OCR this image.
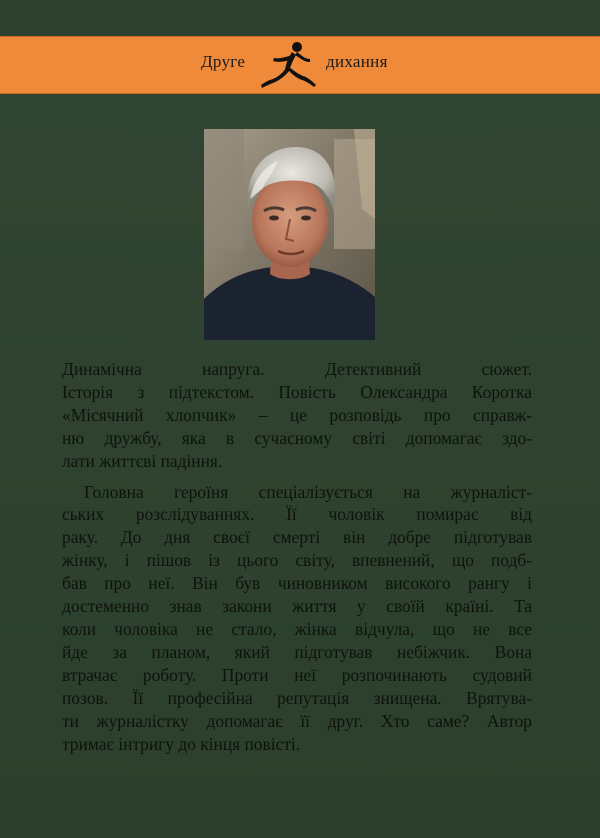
Друге	дихання

Динамічна напруга. Детективний сюжет.
Історія з підтекстом. Повість Олександра Коротка
«Місячний хлопчик» – це розповідь про справж-
ню дружбу, яка в сучасному світі допомагає здо-
лати життєві падіння.

Головна героїня спеціалізується на журналіст-
ських розслідуваннях. Її чоловік помирає від
раку. До дня своєї смерті він добре підготував
жінку, і пішов із цього світу, впевнений, що подб-
бав про неї. Він був чиновником високого рангу і
достеменно знав закони життя у своїй країні. Та
коли чоловіка не стало, жінка відчула, що не все
йде за планом, який підготував небіжчик. Вона
втрачає роботу. Проти неї розпочинають судовий
позов. Її професійна репутація знищена. Врятува-
ти журналістку допомагає її друг. Хто саме? Автор
тримає інтригу до кінця повісті.
